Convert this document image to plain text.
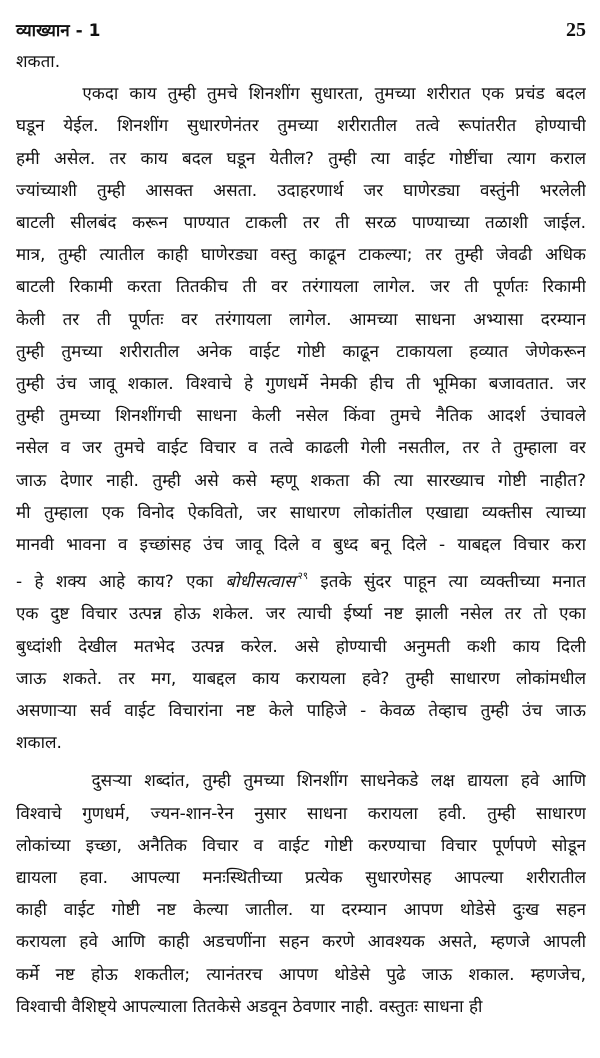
व्याख्यान - 1	25
शकता.
एकदा काय तुम्ही तुमचे शिनशींग सुधारता, तुमच्या शरीरात एक प्रचंड बदल
घडून येईल. शिनशींग सुधारणेनंतर तुमच्या शरीरातील तत्वे रूपांतरीत होण्याची
हमी असेल. तर काय बदल घडून येतील? तुम्ही त्या वाईट गोष्टींचा त्याग कराल
ज्यांच्याशी तुम्ही आसक्त असता. उदाहरणार्थ जर घाणेरड्या वस्तुंनी भरलेली
बाटली सीलबंद करून पाण्यात टाकली तर ती सरळ पाण्याच्या तळाशी जाईल.
मात्र, तुम्ही त्यातील काही घाणेरड्या वस्तु काढून टाकल्या; तर तुम्ही जेवढी अधिक
बाटली रिकामी करता तितकीच ती वर तरंगायला लागेल. जर ती पूर्णतः रिकामी
केली तर ती पूर्णतः वर तरंगायला लागेल. आमच्या साधना अभ्यासा दरम्यान
तुम्ही तुमच्या शरीरातील अनेक वाईट गोष्टी काढून टाकायला हव्यात जेणेकरून
तुम्ही उंच जावू शकाल. विश्वाचे हे गुणधर्मे नेमकी हीच ती भूमिका बजावतात. जर
तुम्ही तुमच्या शिनशींगची साधना केली नसेल किंवा तुमचे नैतिक आदर्श उंचावले
नसेल व जर तुमचे वाईट विचार व तत्वे काढली गेली नसतील, तर ते तुम्हाला वर
जाऊ देणार नाही. तुम्ही असे कसे म्हणू शकता की त्या सारख्याच गोष्टी नाहीत?
मी तुम्हाला एक विनोद ऐकवितो, जर साधारण लोकांतील एखाद्या व्यक्तीस त्याच्या
मानवी भावना व इच्छांसह उंच जावू दिले व बुध्द बनू दिले - याबद्दल विचार करा
- हे शक्य आहे काय? एका बोधीसत्वास $^{२९}$ इतके सुंदर पाहून त्या व्यक्तीच्या मनात
एक दुष्ट विचार उत्पन्न होऊ शकेल. जर त्याची ईर्ष्या नष्ट झाली नसेल तर तो एका
बुध्दांशी देखील मतभेद उत्पन्न करेल. असे होण्याची अनुमती कशी काय दिली
जाऊ शकते. तर मग, याबद्दल काय करायला हवे? तुम्ही साधारण लोकांमधील
असणाऱ्या सर्व वाईट विचारांना नष्ट केले पाहिजे - केवळ तेव्हाच तुम्ही उंच जाऊ
शकाल.
दुसऱ्या शब्दांत, तुम्ही तुमच्या शिनशींग साधनेकडे लक्ष द्यायला हवे आणि
विश्वाचे गुणधर्म, ज्यन-शान-रेन नुसार साधना करायला हवी. तुम्ही साधारण
लोकांच्या इच्छा, अनैतिक विचार व वाईट गोष्टी करण्याचा विचार पूर्णपणे सोडून
द्यायला हवा. आपल्या मनःस्थितीच्या प्रत्येक सुधारणेसह आपल्या शरीरातील
काही वाईट गोष्टी नष्ट केल्या जातील. या दरम्यान आपण थोडेसे दुःख सहन
करायला हवे आणि काही अडचणींना सहन करणे आवश्यक असते, म्हणजे आपली
कर्मे नष्ट होऊ शकतील; त्यानंतरच आपण थोडेसे पुढे जाऊ शकाल. म्हणजेच,
विश्वाची वैशिष्ट्ये आपल्याला तितकेसे अडवून ठेवणार नाही. वस्तुतः साधना ही
